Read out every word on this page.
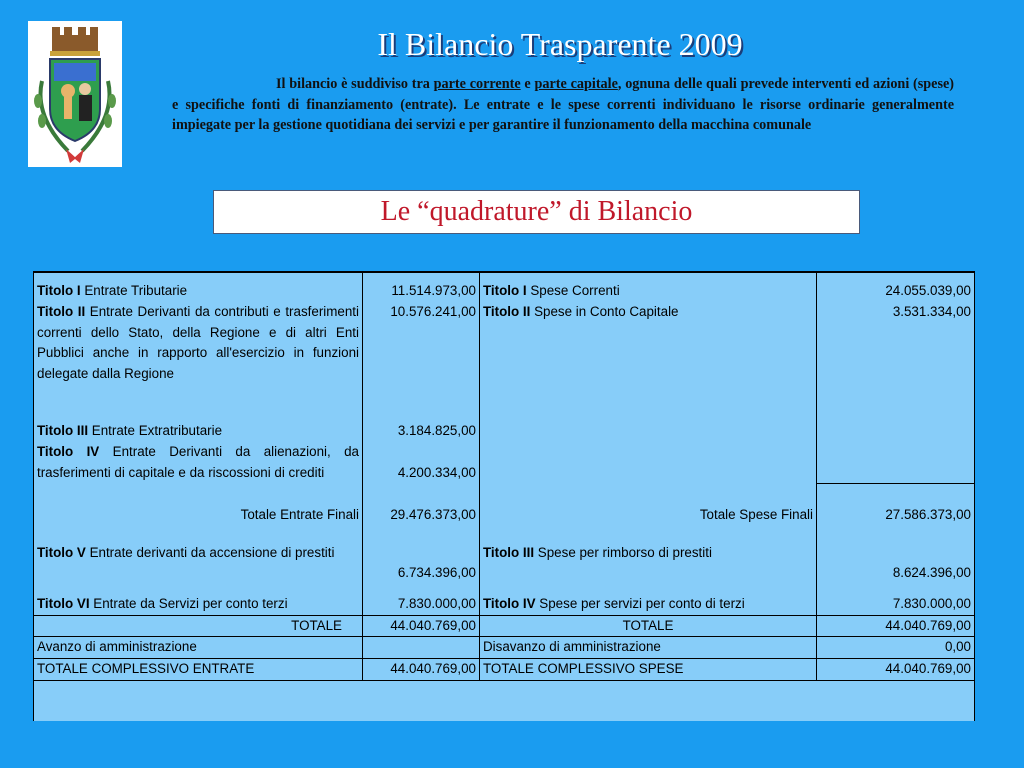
Il Bilancio Trasparente 2009
Il bilancio è suddiviso tra parte corrente e parte capitale, ognuna delle quali prevede interventi ed azioni (spese) e specifiche fonti di finanziamento (entrate). Le entrate e le spese correnti individuano le risorse ordinarie generalmente impiegate per la gestione quotidiana dei servizi e per garantire il funzionamento della macchina comunale
Le “quadrature” di Bilancio

Titolo I Entrate Tributarie	11.514.973,00	Titolo I Spese Correnti	24.055.039,00
Titolo II Entrate Derivanti da contributi e trasferimenti correnti dello Stato, della Regione e di altri Enti Pubblici anche in rapporto all'esercizio in funzioni delegate dalla Regione	10.576.241,00	Titolo II Spese in Conto Capitale	3.531.334,00

Titolo III Entrate Extratributarie	3.184.825,00		
Titolo IV Entrate Derivanti da alienazioni, da trasferimenti di capitale e da riscossioni di crediti	4.200.334,00		
Totale Entrate Finali	29.476.373,00	Totale Spese Finali	27.586.373,00

Titolo V Entrate derivanti da accensione di prestiti	6.734.396,00	Titolo III Spese per rimborso di prestiti	8.624.396,00
Titolo VI Entrate da Servizi per conto terzi	7.830.000,00	Titolo IV Spese per servizi per conto di terzi	7.830.000,00
TOTALE	44.040.769,00	TOTALE	44.040.769,00
Avanzo di amministrazione		Disavanzo di amministrazione	0,00
TOTALE COMPLESSIVO ENTRATE	44.040.769,00	TOTALE COMPLESSIVO SPESE	44.040.769,00
